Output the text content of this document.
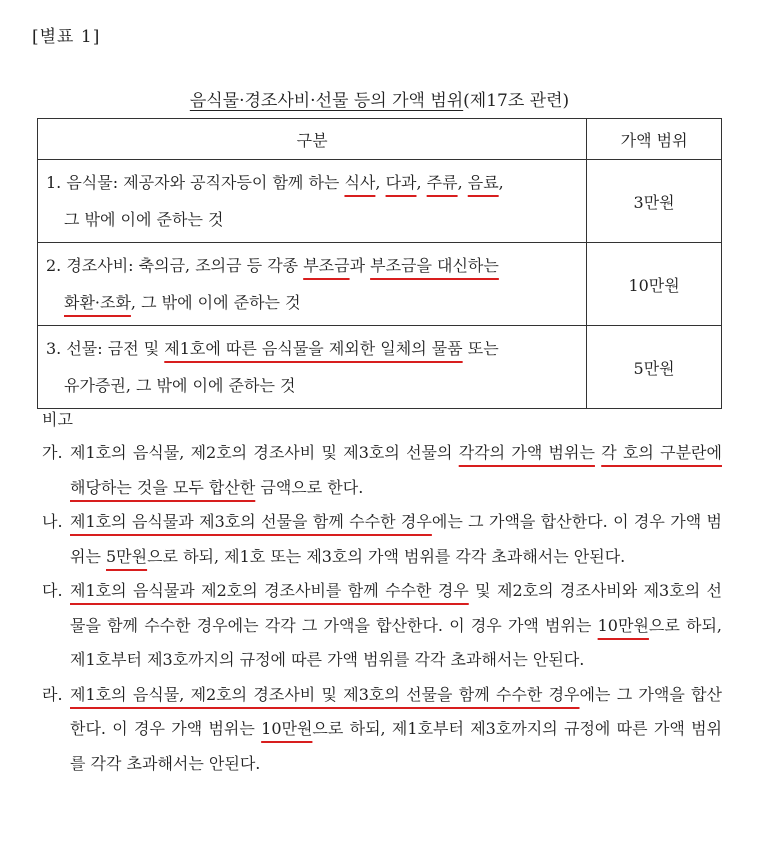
[별표 1]
음식물·경조사비·선물 등의 가액 범위(제17조 관련)
구분	가액 범위

1. 음식물: 제공자와 공직자등이 함께 하는 식사, 다과, 주류, 음료,
그 밖에 이에 준하는 것	3만원

2. 경조사비: 축의금, 조의금 등 각종 부조금과 부조금을 대신하는
화환·조화, 그 밖에 이에 준하는 것	10만원

3. 선물: 금전 및 제1호에 따른 음식물을 제외한 일체의 물품 또는
유가증권, 그 밖에 이에 준하는 것	5만원
비고
가. 제1호의 음식물, 제2호의 경조사비 및 제3호의 선물의 각각의 가액 범위는 각 호의 구분란에 해당하는 것을 모두 합산한 금액으로 한다.
나. 제1호의 음식물과 제3호의 선물을 함께 수수한 경우에는 그 가액을 합산한다. 이 경우 가액 범위는 5만원으로 하되, 제1호 또는 제3호의 가액 범위를 각각 초과해서는 안된다.
다. 제1호의 음식물과 제2호의 경조사비를 함께 수수한 경우 및 제2호의 경조사비와 제3호의 선물을 함께 수수한 경우에는 각각 그 가액을 합산한다. 이 경우 가액 범위는 10만원으로 하되, 제1호부터 제3호까지의 규정에 따른 가액 범위를 각각 초과해서는 안된다.
라. 제1호의 음식물, 제2호의 경조사비 및 제3호의 선물을 함께 수수한 경우에는 그 가액을 합산한다. 이 경우 가액 범위는 10만원으로 하되, 제1호부터 제3호까지의 규정에 따른 가액 범위를 각각 초과해서는 안된다.
